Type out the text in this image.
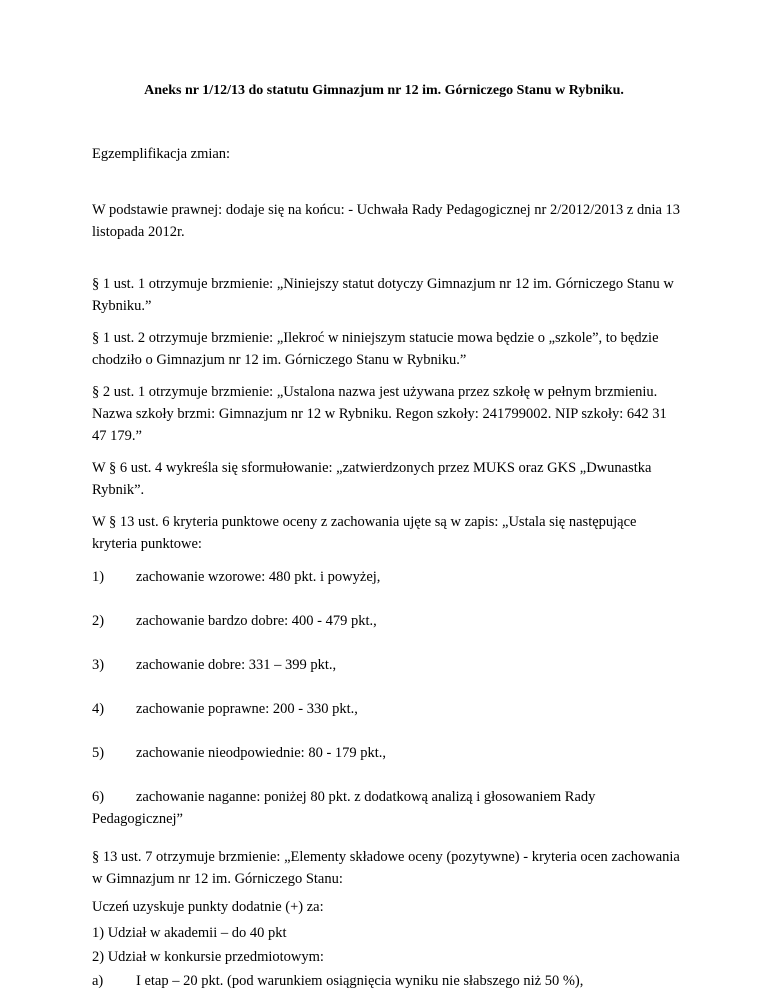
Aneks nr 1/12/13 do statutu Gimnazjum nr 12 im. Górniczego Stanu w Rybniku.
Egzemplifikacja zmian:
W podstawie prawnej: dodaje się na końcu: - Uchwała Rady Pedagogicznej nr 2/2012/2013 z dnia 13 listopada 2012r.
§ 1 ust. 1 otrzymuje brzmienie: „Niniejszy statut dotyczy Gimnazjum nr 12 im. Górniczego Stanu w Rybniku.”
§ 1 ust. 2 otrzymuje brzmienie: „Ilekroć w niniejszym statucie mowa będzie o „szkole”, to będzie chodziło o Gimnazjum nr 12 im. Górniczego Stanu w Rybniku.”
§ 2 ust. 1 otrzymuje brzmienie: „Ustalona nazwa jest używana przez szkołę w pełnym brzmieniu. Nazwa szkoły brzmi: Gimnazjum nr 12 w Rybniku. Regon szkoły: 241799002. NIP szkoły: 642 31 47 179.”
W § 6 ust. 4 wykreśla się sformułowanie: „zatwierdzonych przez MUKS oraz GKS „Dwunastka Rybnik”.
W § 13 ust. 6 kryteria punktowe oceny z zachowania ujęte są w zapis: „Ustala się następujące kryteria punktowe:
1) zachowanie wzorowe: 480 pkt. i powyżej,
2) zachowanie bardzo dobre: 400 - 479 pkt.,
3) zachowanie dobre: 331 – 399 pkt.,
4) zachowanie poprawne: 200 - 330 pkt.,
5) zachowanie nieodpowiednie: 80 - 179 pkt.,
6) zachowanie naganne: poniżej 80 pkt. z dodatkową analizą i głosowaniem Rady Pedagogicznej”
§ 13 ust. 7 otrzymuje brzmienie: „Elementy składowe oceny (pozytywne) - kryteria ocen zachowania w Gimnazjum nr 12 im. Górniczego Stanu:
Uczeń uzyskuje punkty dodatnie (+) za:
1) Udział w akademii – do 40 pkt
2) Udział w konkursie przedmiotowym:
a) I etap – 20 pkt. (pod warunkiem osiągnięcia wyniku nie słabszego niż 50 %),
